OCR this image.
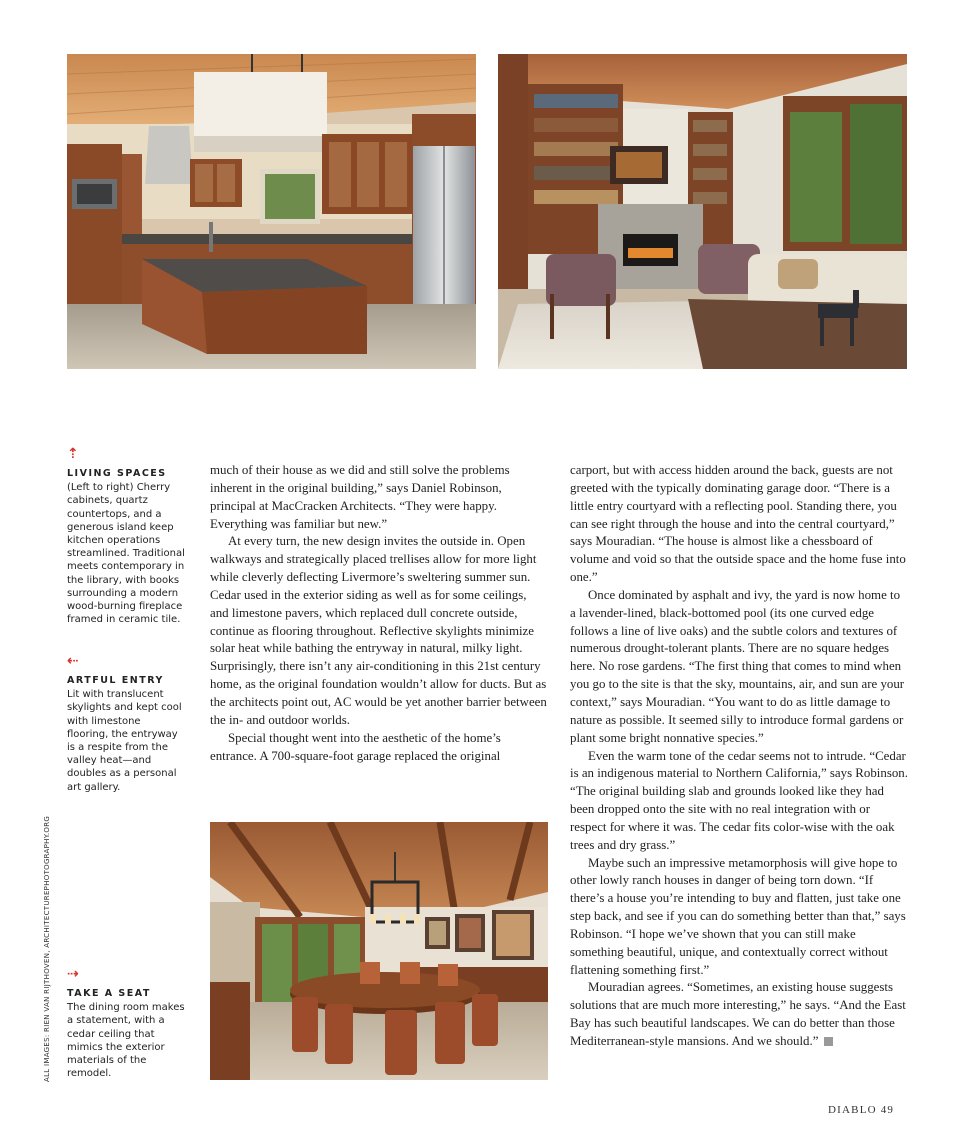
⇡
LIVING SPACES
(Left to right) Cherry cabinets, quartz countertops, and a generous island keep kitchen operations streamlined. Traditional meets contemporary in the library, with books surrounding a modern wood-burning fireplace framed in ceramic tile.
⇠
ARTFUL ENTRY
Lit with translucent skylights and kept cool with limestone flooring, the entryway is a respite from the valley heat—and doubles as a personal art gallery.
⇢
TAKE A SEAT
The dining room makes a statement, with a cedar ceiling that mimics the exterior materials of the remodel.

much of their house as we did and still solve the problems inherent in the original building,” says Daniel Robinson, principal at MacCracken Architects. “They were happy. Everything was familiar but new.”

At every turn, the new design invites the outside in. Open walkways and strategically placed trellises allow for more light while cleverly deflecting Livermore’s sweltering summer sun. Cedar used in the exterior siding as well as for some ceilings, and limestone pavers, which replaced dull concrete outside, continue as flooring throughout. Reflective skylights minimize solar heat while bathing the entryway in natural, milky light. Surprisingly, there isn’t any air-conditioning in this 21st century home, as the original foundation wouldn’t allow for ducts. But as the architects point out, AC would be yet another barrier between the in- and outdoor worlds.

Special thought went into the aesthetic of the home’s entrance. A 700-square-foot garage replaced the original

carport, but with access hidden around the back, guests are not greeted with the typically dominating garage door. “There is a little entry courtyard with a reflecting pool. Standing there, you can see right through the house and into the central courtyard,” says Mouradian. “The house is almost like a chessboard of volume and void so that the outside space and the home fuse into one.”

Once dominated by asphalt and ivy, the yard is now home to a lavender-lined, black-bottomed pool (its one curved edge follows a line of live oaks) and the subtle colors and textures of numerous drought-tolerant plants. There are no square hedges here. No rose gardens. “The first thing that comes to mind when you go to the site is that the sky, mountains, air, and sun are your context,” says Mouradian. “You want to do as little damage to nature as possible. It seemed silly to introduce formal gardens or plant some bright nonnative species.”

Even the warm tone of the cedar seems not to intrude. “Cedar is an indigenous material to Northern California,” says Robinson. “The original building slab and grounds looked like they had been dropped onto the site with no real integration with or respect for where it was. The cedar fits color-wise with the oak trees and dry grass.”

Maybe such an impressive metamorphosis will give hope to other lowly ranch houses in danger of being torn down. “If there’s a house you’re intending to buy and flatten, just take one step back, and see if you can do something better than that,” says Robinson. “I hope we’ve shown that you can still make something beautiful, unique, and contextually correct without flattening something first.”

Mouradian agrees. “Sometimes, an existing house suggests solutions that are much more interesting,” he says. “And the East Bay has such beautiful landscapes. We can do better than those Mediterranean-style mansions. And we should.”

ALL IMAGES: RIEN VAN RIJTHOVEN, ARCHITECTUREPHOTOGRAPHY.ORG
DIABLO 49
